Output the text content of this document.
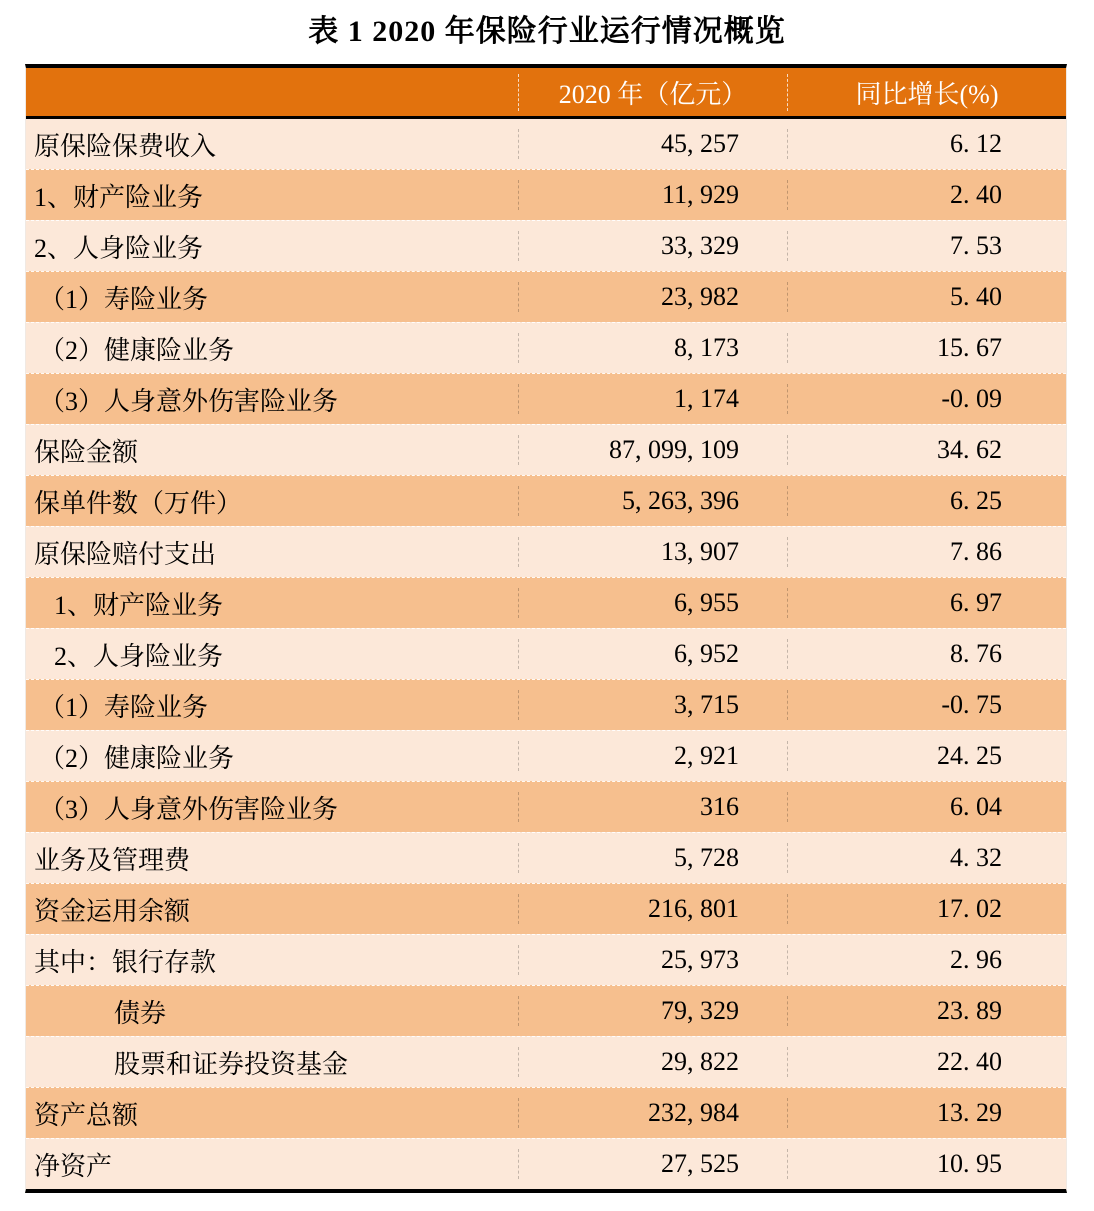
表 1 2020 年保险行业运行情况概览
2020 年（亿元）	同比增长(%)
原保险保费收入	45, 257	6. 12
1、财产险业务	11, 929	2. 40
2、人身险业务	33, 329	7. 53
（1）寿险业务	23, 982	5. 40
（2）健康险业务	8, 173	15. 67
（3）人身意外伤害险业务	1, 174	-0. 09
保险金额	87, 099, 109	34. 62
保单件数（万件）	5, 263, 396	6. 25
原保险赔付支出	13, 907	7. 86
1、财产险业务	6, 955	6. 97
2、人身险业务	6, 952	8. 76
（1）寿险业务	3, 715	-0. 75
（2）健康险业务	2, 921	24. 25
（3）人身意外伤害险业务	316	6. 04
业务及管理费	5, 728	4. 32
资金运用余额	216, 801	17. 02
其中：银行存款	25, 973	2. 96
债券	79, 329	23. 89
股票和证券投资基金	29, 822	22. 40
资产总额	232, 984	13. 29
净资产	27, 525	10. 95
